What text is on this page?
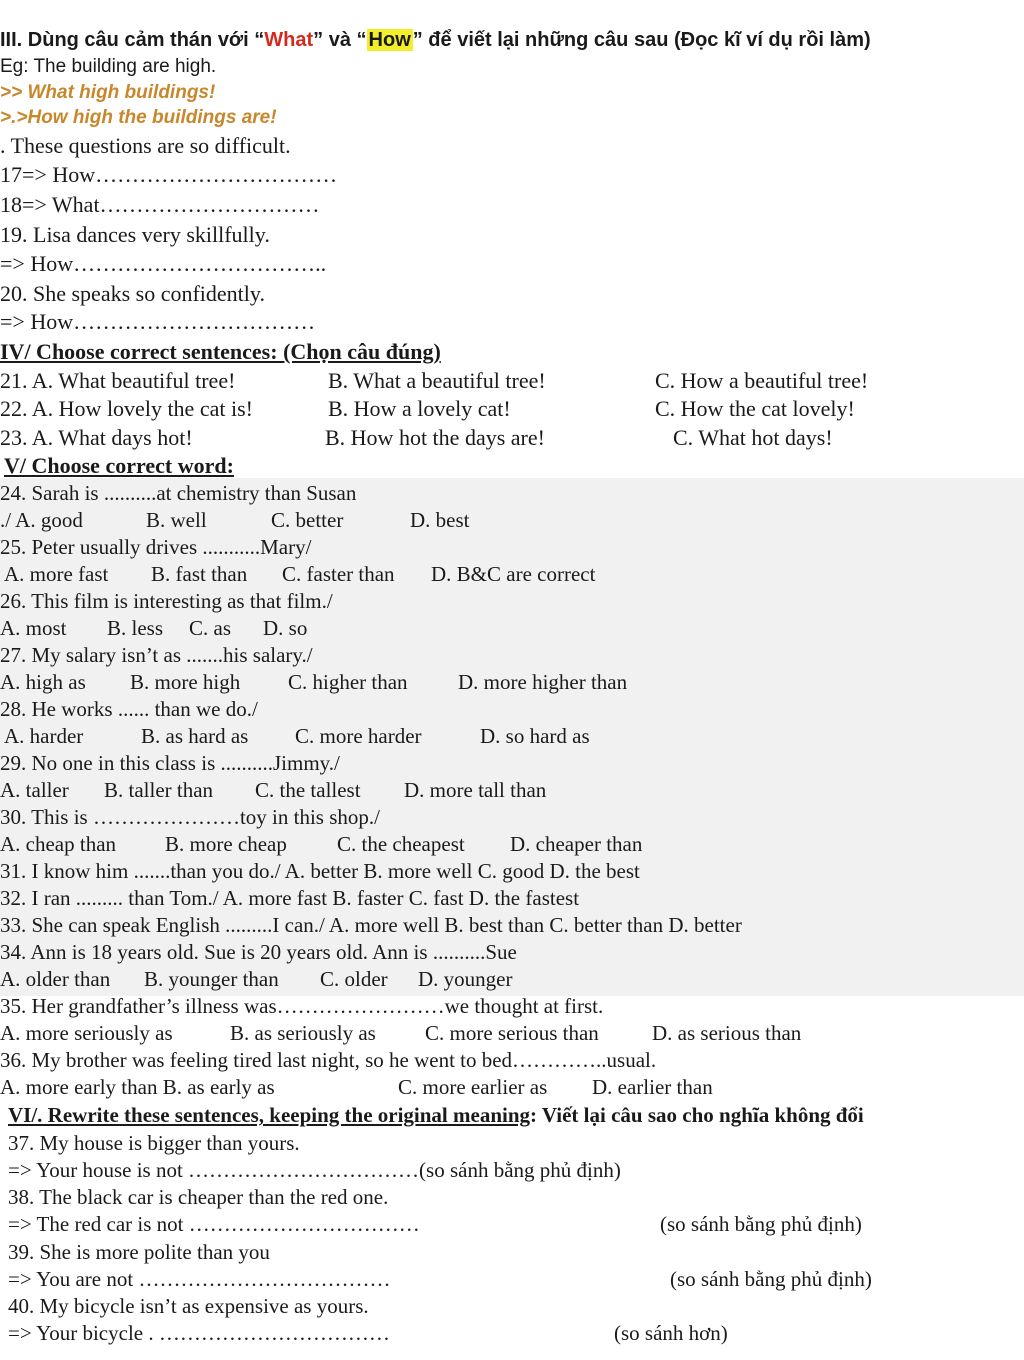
III. Dùng câu cảm thán với “What” và “ How ” để viết lại những câu sau (Đọc kĩ ví dụ rồi làm)
Eg: The building are high.
>> What high buildings!
>.>How high the buildings are!
. These questions are so difficult.
17=> How……………………………
18=> What…………………………
19. Lisa dances very skillfully.
=> How……………………………..
20. She speaks so confidently.
=> How……………………………
IV/ Choose correct sentences: (Chọn câu đúng)
21. A. What beautiful tree!	B. What a beautiful tree!	C. How a beautiful tree!
22. A. How lovely the cat is!	B. How a lovely cat!	C. How the cat lovely!
23. A. What days hot!	B. How hot the days are!	C. What hot days!
V/ Choose correct word:
24. Sarah is ..........at chemistry than Susan
./ A. good	B. well	C. better	D. best
25. Peter usually drives ...........Mary/
A. more fast B. fast than C. faster than D. B&C are correct
26. This film is interesting as that film./
A. most B. less C. as D. so
27. My salary isn’t as .......his salary./
A. high as B. more high C. higher than D. more higher than
28. He works ...... than we do./
A. harder	B. as hard as C. more harder	D. so hard as
29. No one in this class is ..........Jimmy./
A. taller B. taller than C. the tallest D. more tall than
30. This is …………………toy in this shop./
A. cheap than B. more cheap C. the cheapest D. cheaper than
31. I know him .......than you do./ A. better B. more well C. good D. the best
32. I ran ......... than Tom./ A. more fast B. faster C. fast D. the fastest
33. She can speak English .........I can./ A. more well B. best than C. better than D. better
34. Ann is 18 years old. Sue is 20 years old. Ann is ..........Sue
A. older than B. younger than C. older D. younger
35. Her grandfather’s illness was……………………we thought at first.
A. more seriously as	B. as seriously as C. more serious than	D. as serious than
36. My brother was feeling tired last night, so he went to bed…………..usual.
A. more early than B. as early as	C. more earlier as D. earlier than
VI/. Rewrite these sentences, keeping the original meaning: Viết lại câu sao cho nghĩa không đổi
37. My house is bigger than yours.
=> Your house is not ……………………………(so sánh bằng phủ định)
38. The black car is cheaper than the red one.
=> The red car is not ……………………………	(so sánh bằng phủ định)
39. She is more polite than you
=> You are not ………………………………	(so sánh bằng phủ định)
40. My bicycle isn’t as expensive as yours.
=> Your bicycle . ……………………………	(so sánh hơn)
